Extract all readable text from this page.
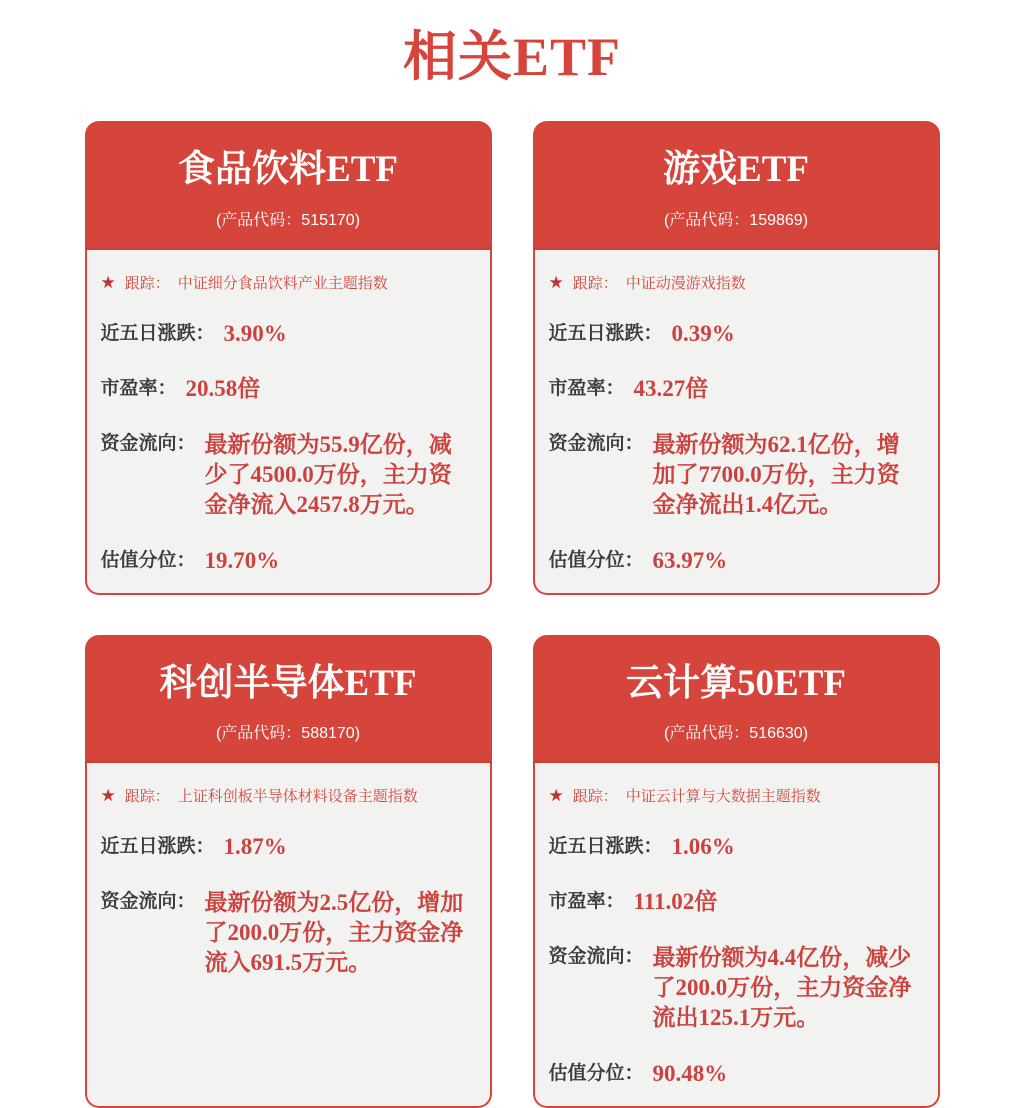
相关ETF
食品饮料ETF
(产品代码：515170)
★ 跟踪： 中证细分食品饮料产业主题指数
近五日涨跌： 3.90%
市盈率： 20.58倍
资金流向： 最新份额为55.9亿份，减少了4500.0万份，主力资金净流入2457.8万元。
估值分位： 19.70%
游戏ETF
(产品代码：159869)
★ 跟踪： 中证动漫游戏指数
近五日涨跌： 0.39%
市盈率： 43.27倍
资金流向： 最新份额为62.1亿份，增加了7700.0万份，主力资金净流出1.4亿元。
估值分位： 63.97%
科创半导体ETF
(产品代码：588170)
★ 跟踪： 上证科创板半导体材料设备主题指数
近五日涨跌： 1.87%
资金流向： 最新份额为2.5亿份，增加了200.0万份，主力资金净流入691.5万元。
云计算50ETF
(产品代码：516630)
★ 跟踪： 中证云计算与大数据主题指数
近五日涨跌： 1.06%
市盈率： 111.02倍
资金流向： 最新份额为4.4亿份，减少了200.0万份，主力资金净流出125.1万元。
估值分位： 90.48%
